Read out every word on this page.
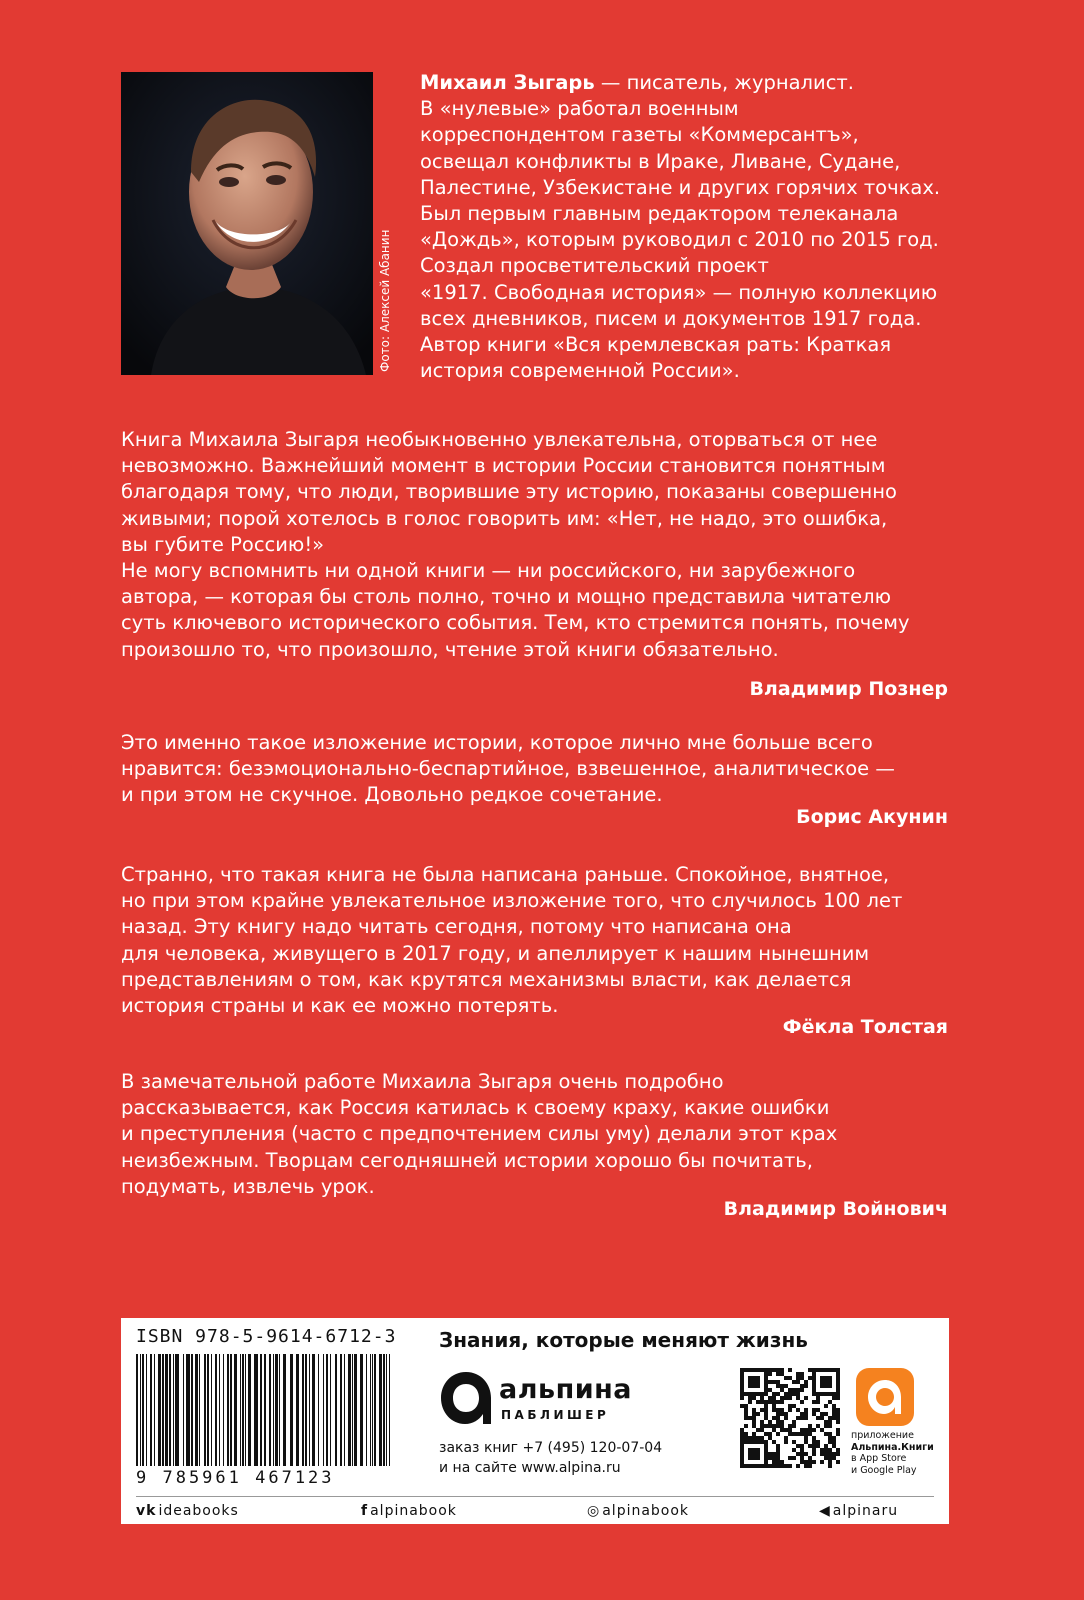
Фото: Алексей Абанин

Михаил Зыгарь — писатель, журналист.

В «нулевые» работал военным

корреспондентом газеты «Коммерсантъ»,

освещал конфликты в Ираке, Ливане, Судане,

Палестине, Узбекистане и других горячих точках.

Был первым главным редактором телеканала

«Дождь», которым руководил с 2010 по 2015 год.

Создал просветительский проект

«1917. Свободная история» — полную коллекцию

всех дневников, писем и документов 1917 года.

Автор книги «Вся кремлевская рать: Краткая

история современной России».

Книга Михаила Зыгаря необыкновенно увлекательна, оторваться от нее

невозможно. Важнейший момент в истории России становится понятным

благодаря тому, что люди, творившие эту историю, показаны совершенно

живыми; порой хотелось в голос говорить им: «Нет, не надо, это ошибка,

вы губите Россию!»

Не могу вспомнить ни одной книги — ни российского, ни зарубежного

автора, — которая бы столь полно, точно и мощно представила читателю

суть ключевого исторического события. Тем, кто стремится понять, почему

произошло то, что произошло, чтение этой книги обязательно.

Владимир Познер

Это именно такое изложение истории, которое лично мне больше всего

нравится: безэмоционально-беспартийное, взвешенное, аналитическое —

и при этом не скучное. Довольно редкое сочетание.

Борис Акунин

Странно, что такая книга не была написана раньше. Спокойное, внятное,

но при этом крайне увлекательное изложение того, что случилось 100 лет

назад. Эту книгу надо читать сегодня, потому что написана она

для человека, живущего в 2017 году, и апеллирует к нашим нынешним

представлениям о том, как крутятся механизмы власти, как делается

история страны и как ее можно потерять.

Фёкла Толстая

В замечательной работе Михаила Зыгаря очень подробно

рассказывается, как Россия катилась к своему краху, какие ошибки

и преступления (часто с предпочтением силы уму) делали этот крах

неизбежным. Творцам сегодняшней истории хорошо бы почитать,

подумать, извлечь урок.

Владимир Войнович
ISBN 978-5-9614-6712-3
9 785961 467123
Знания, которые меняют жизнь
альпина
ПАБЛИШЕР

заказ книг +7 (495) 120-07-04

и на сайте www.alpina.ru

приложение

Альпина.Книги

в App Store

и Google Play

vk ideabooks	f alpinabook	◎ alpinabook	◀ alpinaru
